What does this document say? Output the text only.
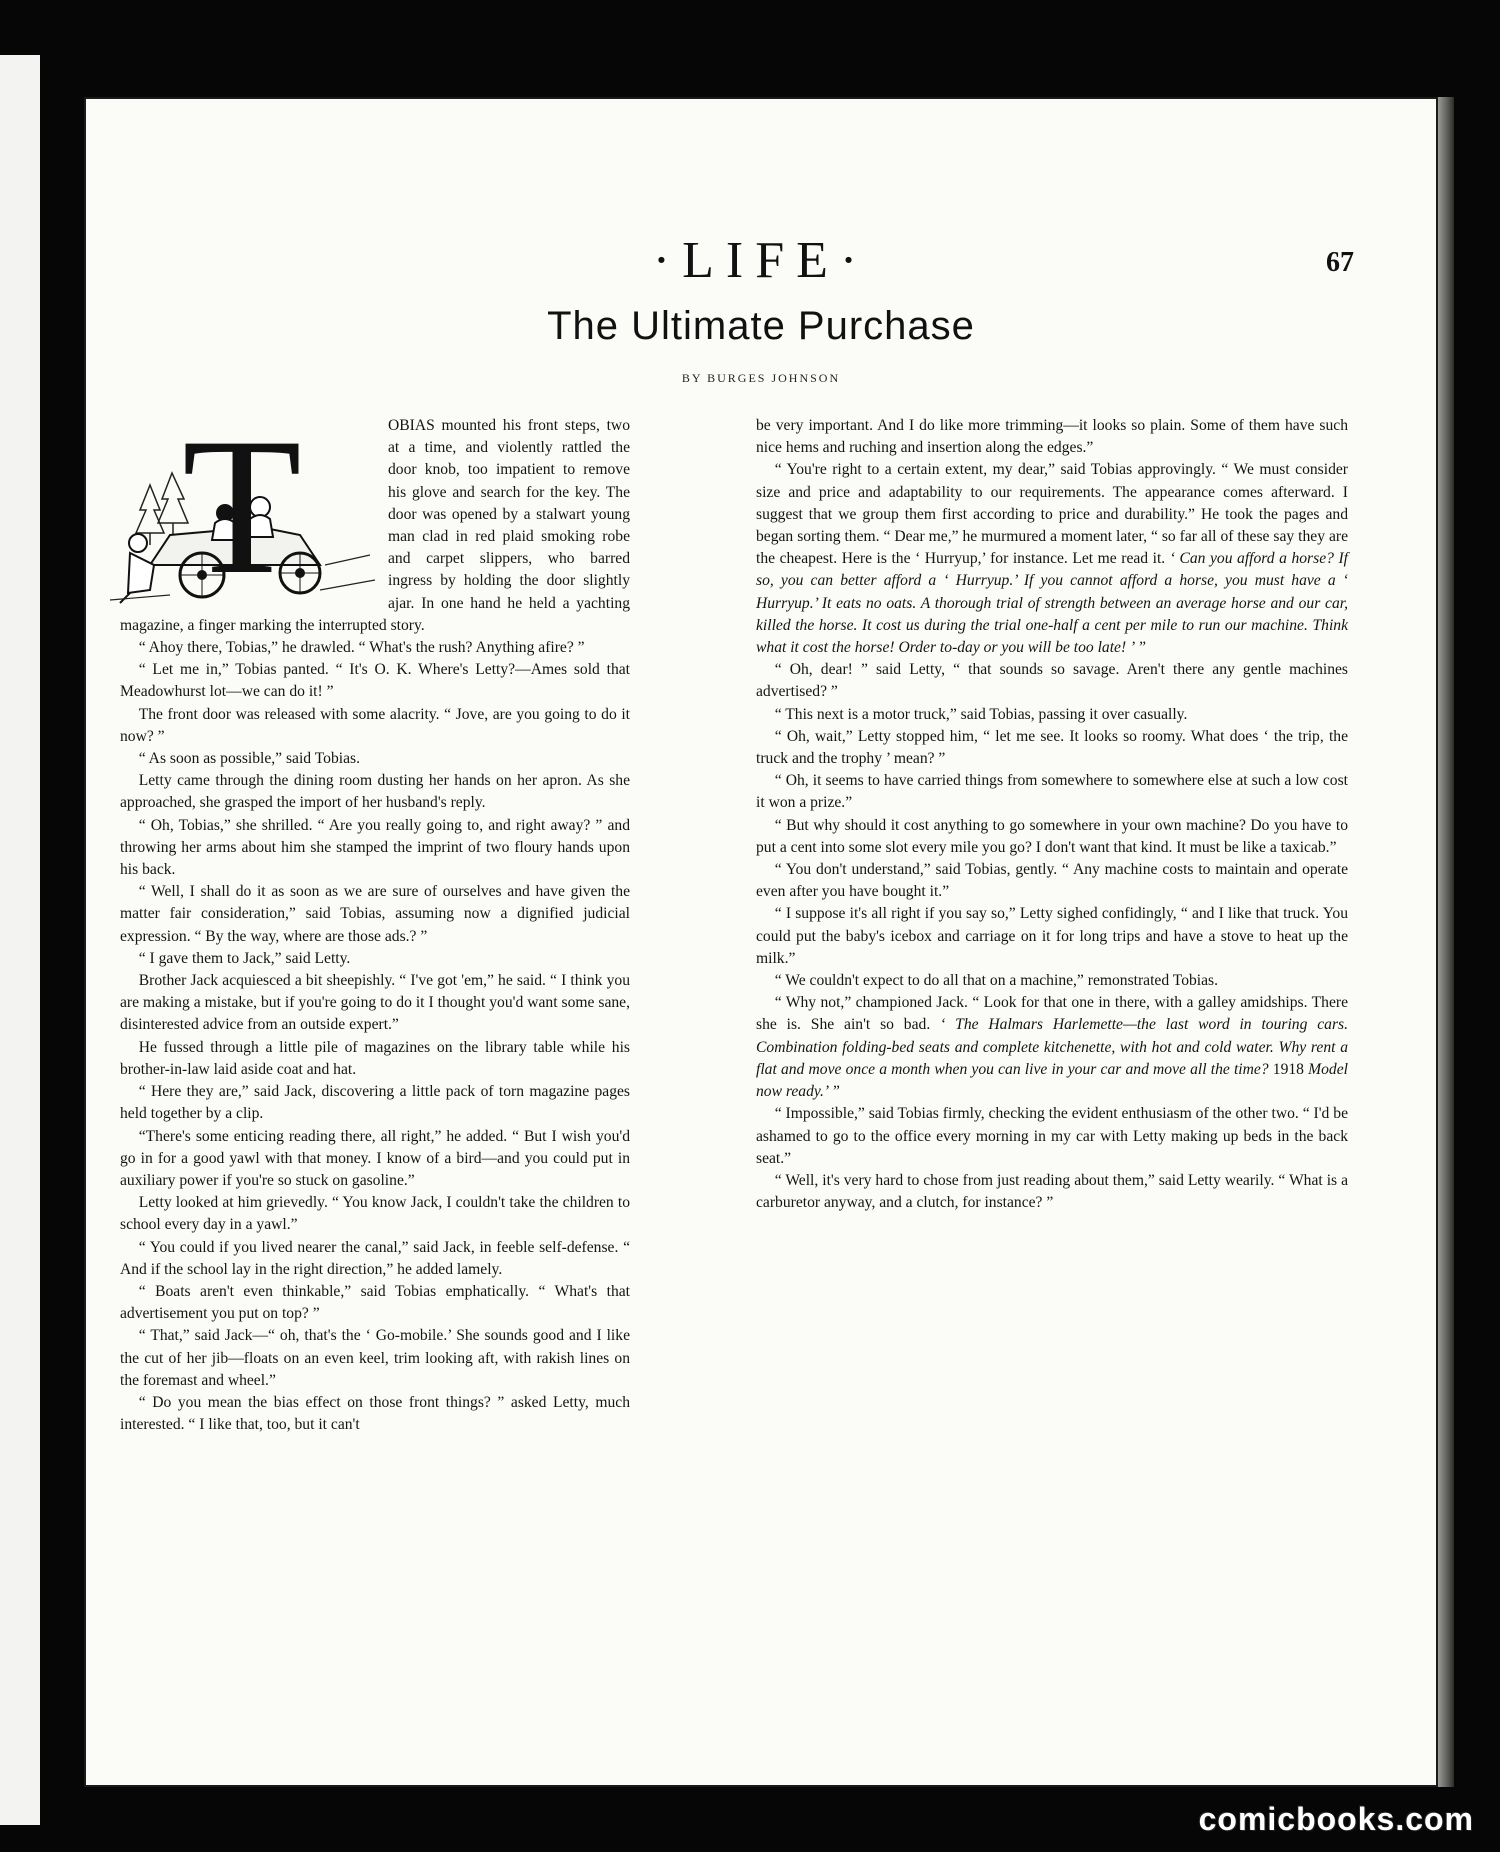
·LIFE·	67
The Ultimate Purchase
BY BURGES JOHNSON
T	OBIAS mounted his front steps, two at a time, and violently rattled the door knob, too impatient to remove his glove and search for the key. The door was opened by a stalwart young man clad in red plaid smoking robe and carpet slippers, who barred ingress by holding the door slightly ajar. In one hand he held a yachting magazine, a finger marking the interrupted story.

“ Ahoy there, Tobias,” he drawled. “ What's the rush? Anything afire? ”

“ Let me in,” Tobias panted. “ It's O. K. Where's Letty?—Ames sold that Meadowhurst lot—we can do it! ”

The front door was released with some alacrity. “ Jove, are you going to do it now? ”

“ As soon as possible,” said Tobias.

Letty came through the dining room dusting her hands on her apron. As she approached, she grasped the import of her husband's reply.

“ Oh, Tobias,” she shrilled. “ Are you really going to, and right away? ” and throwing her arms about him she stamped the imprint of two floury hands upon his back.

“ Well, I shall do it as soon as we are sure of ourselves and have given the matter fair consideration,” said Tobias, assuming now a dignified judicial expression. “ By the way, where are those ads.? ”

“ I gave them to Jack,” said Letty.

Brother Jack acquiesced a bit sheepishly. “ I've got 'em,” he said. “ I think you are making a mistake, but if you're going to do it I thought you'd want some sane, disinterested advice from an outside expert.”

He fussed through a little pile of magazines on the library table while his brother-in-law laid aside coat and hat.

“ Here they are,” said Jack, discovering a little pack of torn magazine pages held together by a clip.

“There's some enticing reading there, all right,” he added. “ But I wish you'd go in for a good yawl with that money. I know of a bird—and you could put in auxiliary power if you're so stuck on gasoline.”

Letty looked at him grievedly. “ You know Jack, I couldn't take the children to school every day in a yawl.”

“ You could if you lived nearer the canal,” said Jack, in feeble self-defense. “ And if the school lay in the right direction,” he added lamely.

“ Boats aren't even thinkable,” said Tobias emphatically. “ What's that advertisement you put on top? ”

“ That,” said Jack—“ oh, that's the ‘ Go-mobile.’ She sounds good and I like the cut of her jib—floats on an even keel, trim looking aft, with rakish lines on the foremast and wheel.”

“ Do you mean the bias effect on those front things? ” asked Letty, much interested. “ I like that, too, but it can't

be very important. And I do like more trimming—it looks so plain. Some of them have such nice hems and ruching and insertion along the edges.”

“ You're right to a certain extent, my dear,” said Tobias approvingly. “ We must consider size and price and adaptability to our requirements. The appearance comes afterward. I suggest that we group them first according to price and durability.” He took the pages and began sorting them. “ Dear me,” he murmured a moment later, “ so far all of these say they are the cheapest. Here is the ‘ Hurryup,’ for instance. Let me read it. ‘ Can you afford a horse? If so, you can better afford a ‘ Hurryup.’ If you cannot afford a horse, you must have a ‘ Hurryup.’ It eats no oats. A thorough trial of strength between an average horse and our car, killed the horse. It cost us during the trial one-half a cent per mile to run our machine. Think what it cost the horse! Order to-day or you will be too late! ’ ”

“ Oh, dear! ” said Letty, “ that sounds so savage. Aren't there any gentle machines advertised? ”

“ This next is a motor truck,” said Tobias, passing it over casually.

“ Oh, wait,” Letty stopped him, “ let me see. It looks so roomy. What does ‘ the trip, the truck and the trophy ’ mean? ”

“ Oh, it seems to have carried things from somewhere to somewhere else at such a low cost it won a prize.”

“ But why should it cost anything to go somewhere in your own machine? Do you have to put a cent into some slot every mile you go? I don't want that kind. It must be like a taxicab.”

“ You don't understand,” said Tobias, gently. “ Any machine costs to maintain and operate even after you have bought it.”

“ I suppose it's all right if you say so,” Letty sighed confidingly, “ and I like that truck. You could put the baby's icebox and carriage on it for long trips and have a stove to heat up the milk.”

“ We couldn't expect to do all that on a machine,” remonstrated Tobias.

“ Why not,” championed Jack. “ Look for that one in there, with a galley amidships. There she is. She ain't so bad. ‘ The Halmars Harlemette—the last word in touring cars. Combination folding-bed seats and complete kitchenette, with hot and cold water. Why rent a flat and move once a month when you can live in your car and move all the time? 1918 Model now ready.’ ”

“ Impossible,” said Tobias firmly, checking the evident enthusiasm of the other two. “ I'd be ashamed to go to the office every morning in my car with Letty making up beds in the back seat.”

“ Well, it's very hard to chose from just reading about them,” said Letty wearily. “ What is a carburetor anyway, and a clutch, for instance? ”

comicbooks.com
